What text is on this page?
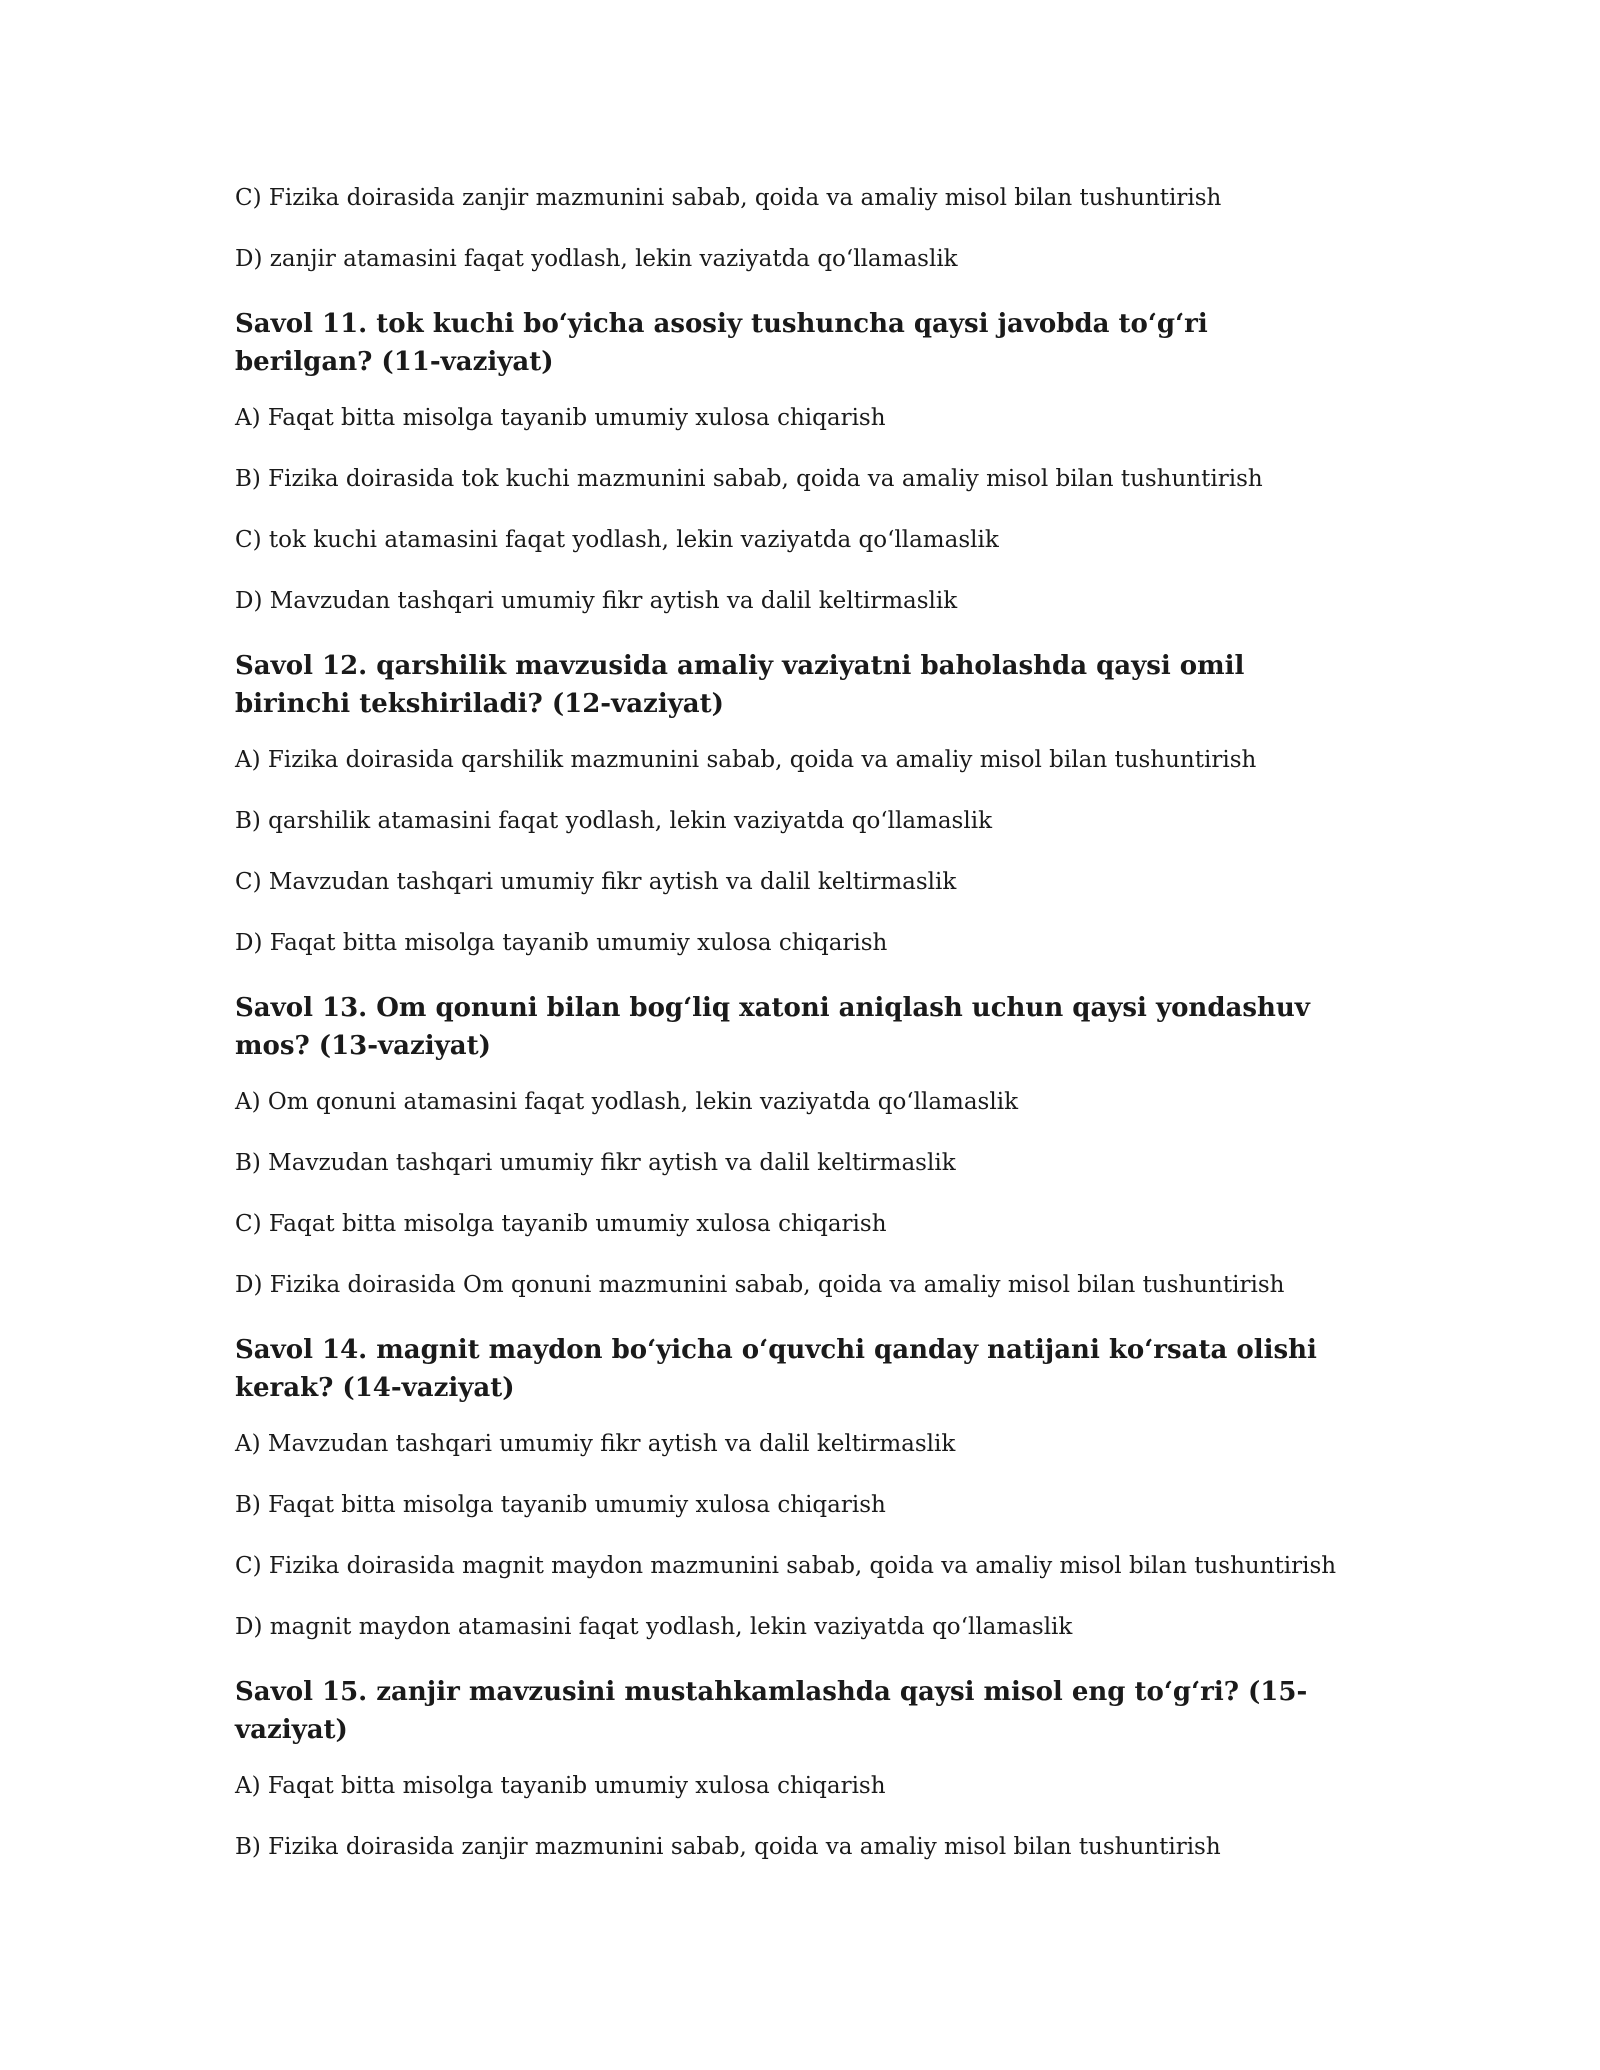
C) Fizika doirasida zanjir mazmunini sabab, qoida va amaliy misol bilan tushuntirish

D) zanjir atamasini faqat yodlash, lekin vaziyatda qo‘llamaslik

Savol 11. tok kuchi bo‘yicha asosiy tushuncha qaysi javobda to‘g‘ri berilgan? (11-vaziyat)

A) Faqat bitta misolga tayanib umumiy xulosa chiqarish

B) Fizika doirasida tok kuchi mazmunini sabab, qoida va amaliy misol bilan tushuntirish

C) tok kuchi atamasini faqat yodlash, lekin vaziyatda qo‘llamaslik

D) Mavzudan tashqari umumiy fikr aytish va dalil keltirmaslik

Savol 12. qarshilik mavzusida amaliy vaziyatni baholashda qaysi omil birinchi tekshiriladi? (12-vaziyat)

A) Fizika doirasida qarshilik mazmunini sabab, qoida va amaliy misol bilan tushuntirish

B) qarshilik atamasini faqat yodlash, lekin vaziyatda qo‘llamaslik

C) Mavzudan tashqari umumiy fikr aytish va dalil keltirmaslik

D) Faqat bitta misolga tayanib umumiy xulosa chiqarish

Savol 13. Om qonuni bilan bog‘liq xatoni aniqlash uchun qaysi yondashuv mos? (13-vaziyat)

A) Om qonuni atamasini faqat yodlash, lekin vaziyatda qo‘llamaslik

B) Mavzudan tashqari umumiy fikr aytish va dalil keltirmaslik

C) Faqat bitta misolga tayanib umumiy xulosa chiqarish

D) Fizika doirasida Om qonuni mazmunini sabab, qoida va amaliy misol bilan tushuntirish

Savol 14. magnit maydon bo‘yicha o‘quvchi qanday natijani ko‘rsata olishi kerak? (14-vaziyat)

A) Mavzudan tashqari umumiy fikr aytish va dalil keltirmaslik

B) Faqat bitta misolga tayanib umumiy xulosa chiqarish

C) Fizika doirasida magnit maydon mazmunini sabab, qoida va amaliy misol bilan tushuntirish

D) magnit maydon atamasini faqat yodlash, lekin vaziyatda qo‘llamaslik

Savol 15. zanjir mavzusini mustahkamlashda qaysi misol eng to‘g‘ri? (15-vaziyat)

A) Faqat bitta misolga tayanib umumiy xulosa chiqarish

B) Fizika doirasida zanjir mazmunini sabab, qoida va amaliy misol bilan tushuntirish
